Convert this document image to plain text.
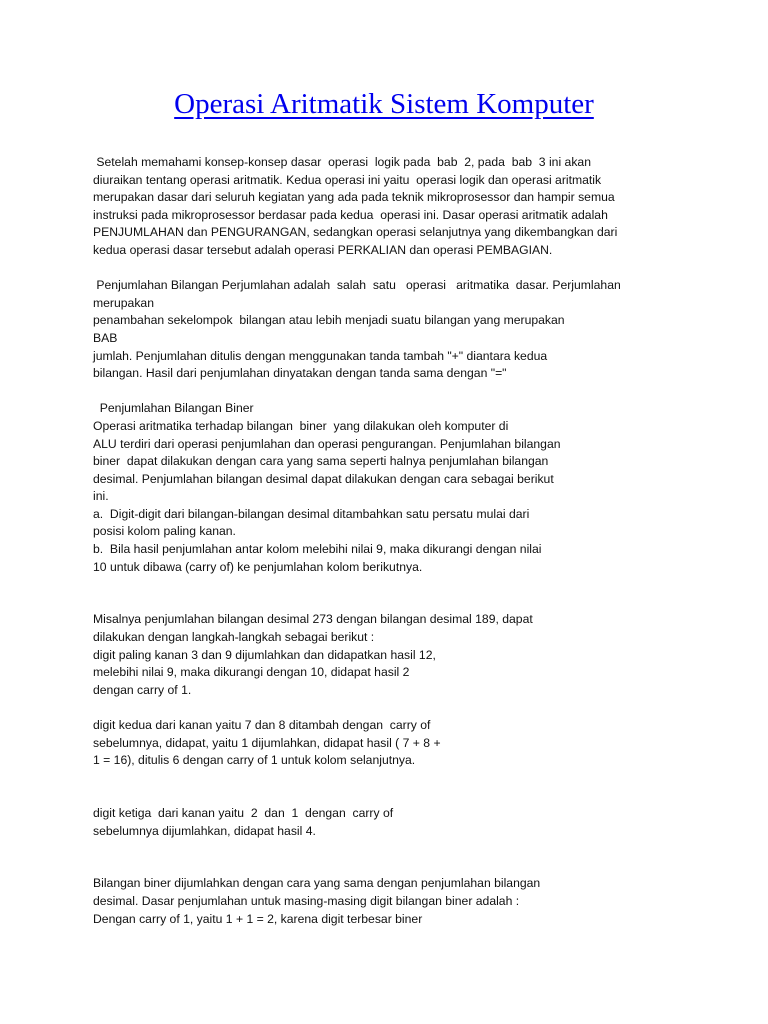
Operasi Aritmatik Sistem Komputer
Setelah memahami konsep-konsep dasar  operasi  logik pada  bab  2, pada  bab  3 ini akan
diuraikan tentang operasi aritmatik. Kedua operasi ini yaitu  operasi logik dan operasi aritmatik
merupakan dasar dari seluruh kegiatan yang ada pada teknik mikroprosessor dan hampir semua
instruksi pada mikroprosessor berdasar pada kedua  operasi ini. Dasar operasi aritmatik adalah
PENJUMLAHAN dan PENGURANGAN, sedangkan operasi selanjutnya yang dikembangkan dari
kedua operasi dasar tersebut adalah operasi PERKALIAN dan operasi PEMBAGIAN.
Penjumlahan Bilangan Perjumlahan adalah  salah  satu   operasi   aritmatika  dasar. Perjumlahan
merupakan
penambahan sekelompok  bilangan atau lebih menjadi suatu bilangan yang merupakan
BAB
jumlah. Penjumlahan ditulis dengan menggunakan tanda tambah "+" diantara kedua
bilangan. Hasil dari penjumlahan dinyatakan dengan tanda sama dengan "="
Penjumlahan Bilangan Biner
Operasi aritmatika terhadap bilangan  biner  yang dilakukan oleh komputer di
ALU terdiri dari operasi penjumlahan dan operasi pengurangan. Penjumlahan bilangan
biner  dapat dilakukan dengan cara yang sama seperti halnya penjumlahan bilangan
desimal. Penjumlahan bilangan desimal dapat dilakukan dengan cara sebagai berikut
ini.
a.  Digit-digit dari bilangan-bilangan desimal ditambahkan satu persatu mulai dari
posisi kolom paling kanan.
b.  Bila hasil penjumlahan antar kolom melebihi nilai 9, maka dikurangi dengan nilai
10 untuk dibawa (carry of) ke penjumlahan kolom berikutnya.
Misalnya penjumlahan bilangan desimal 273 dengan bilangan desimal 189, dapat
dilakukan dengan langkah-langkah sebagai berikut :
digit paling kanan 3 dan 9 dijumlahkan dan didapatkan hasil 12,
melebihi nilai 9, maka dikurangi dengan 10, didapat hasil 2
dengan carry of 1.
digit kedua dari kanan yaitu 7 dan 8 ditambah dengan  carry of
sebelumnya, didapat, yaitu 1 dijumlahkan, didapat hasil ( 7 + 8 +
1 = 16), ditulis 6 dengan carry of 1 untuk kolom selanjutnya.
digit ketiga  dari kanan yaitu  2  dan  1  dengan  carry of
sebelumnya dijumlahkan, didapat hasil 4.
Bilangan biner dijumlahkan dengan cara yang sama dengan penjumlahan bilangan
desimal. Dasar penjumlahan untuk masing-masing digit bilangan biner adalah :
Dengan carry of 1, yaitu 1 + 1 = 2, karena digit terbesar biner
